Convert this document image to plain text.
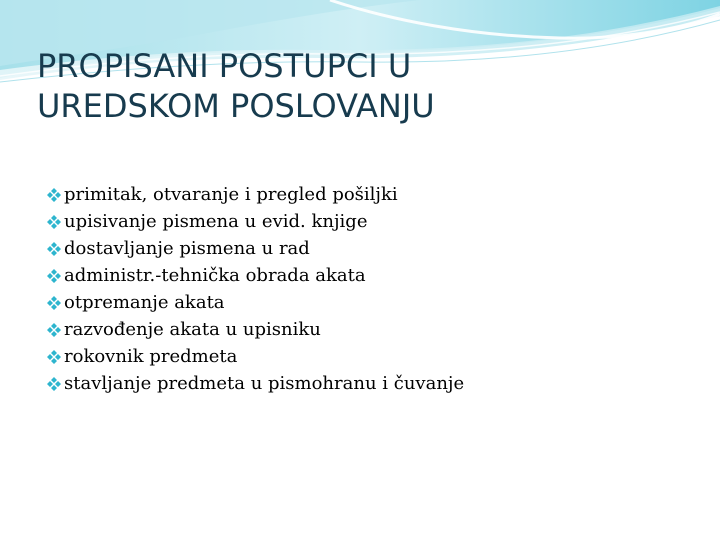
PROPISANI POSTUPCI U
UREDSKOM POSLOVANJU
primitak, otvaranje i pregled pošiljki
upisivanje pismena u evid. knjige
dostavljanje pismena u rad
administr.-tehnička obrada akata
otpremanje akata
razvođenje akata u upisniku
rokovnik predmeta
stavljanje predmeta u pismohranu i čuvanje
